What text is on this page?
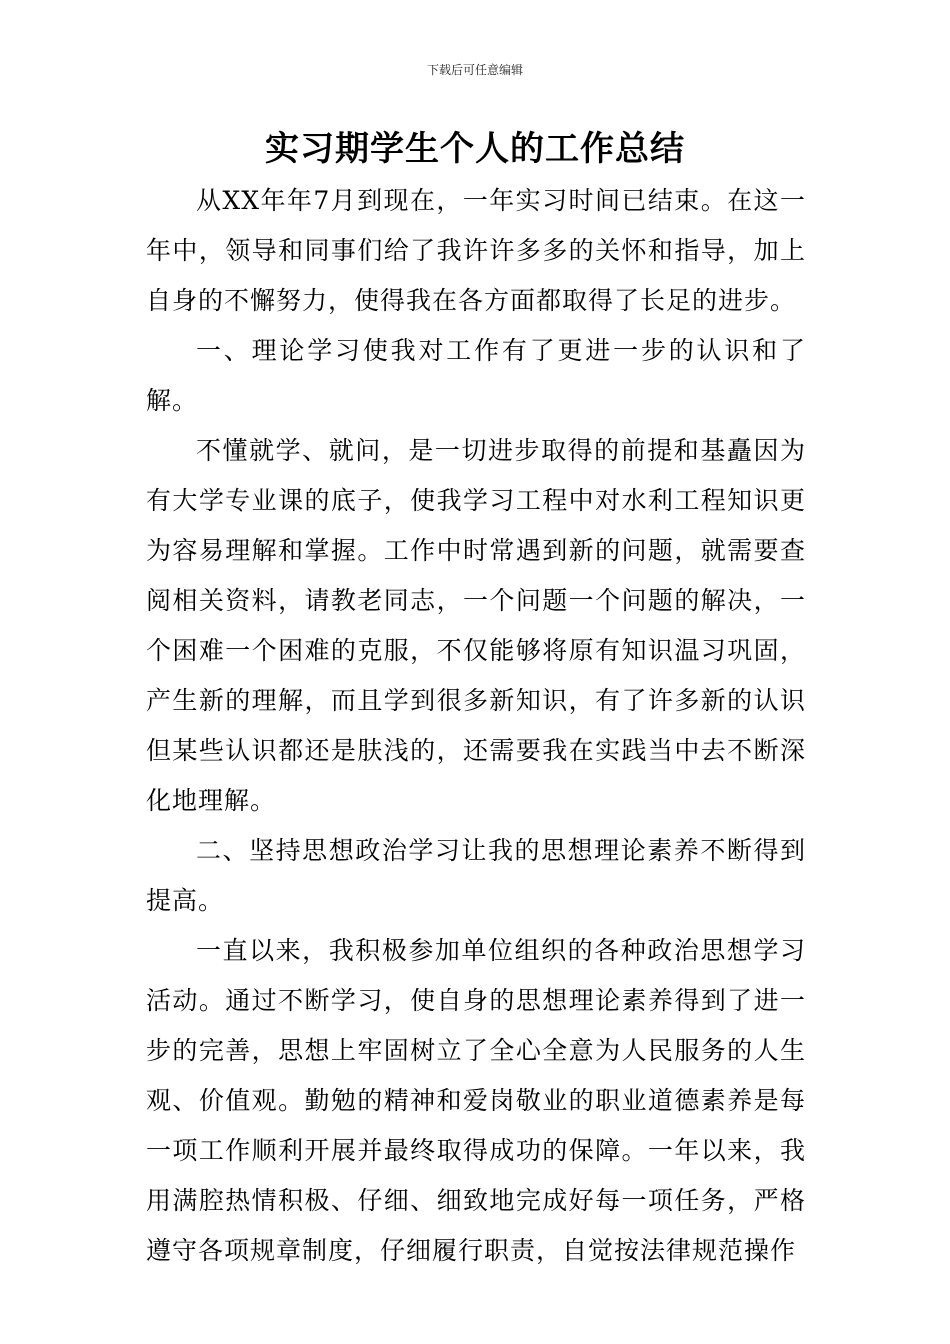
下载后可任意编辑
实习期学生个人的工作总结

从XX年年7月到现在，一年实习时间已结束。在这一年中，领导和同事们给了我许许多多的关怀和指导，加上自身的不懈努力，使得我在各方面都取得了长足的进步。

一、理论学习使我对工作有了更进一步的认识和了解。

不懂就学、就问，是一切进步取得的前提和基矗因为有大学专业课的底子，使我学习工程中对水利工程知识更为容易理解和掌握。工作中时常遇到新的问题，就需要查阅相关资料，请教老同志，一个问题一个问题的解决，一个困难一个困难的克服，不仅能够将原有知识温习巩固，产生新的理解，而且学到很多新知识，有了许多新的认识但某些认识都还是肤浅的，还需要我在实践当中去不断深化地理解。

二、坚持思想政治学习让我的思想理论素养不断得到提高。

一直以来，我积极参加单位组织的各种政治思想学习活动。通过不断学习，使自身的思想理论素养得到了进一步的完善，思想上牢固树立了全心全意为人民服务的人生观、价值观。勤勉的精神和爱岗敬业的职业道德素养是每一项工作顺利开展并最终取得成功的保障。一年以来，我用满腔热情积极、仔细、细致地完成好每一项任务，严格遵守各项规章制度，仔细履行职责，自觉按法律规范操作
